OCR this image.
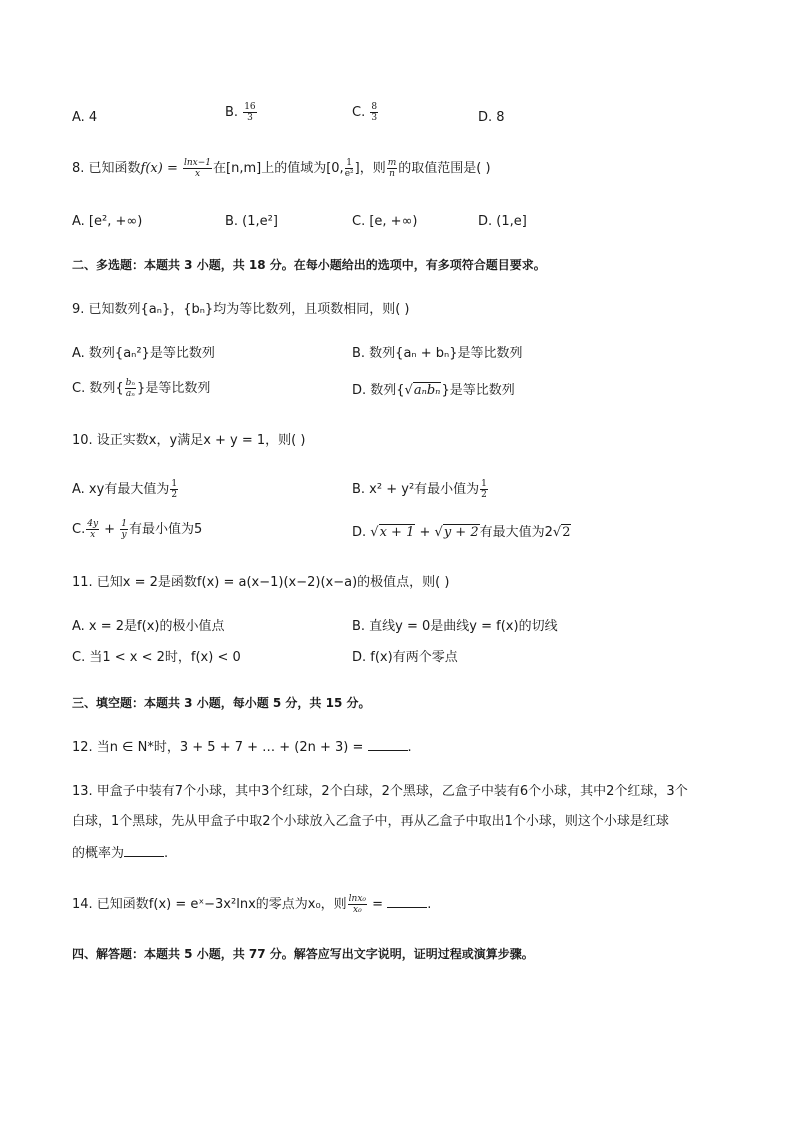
A. 4	B. $\frac{16}{3}$	C. $\frac{8}{3}$	D. 8
8. 已知函数$f(x) = \frac{\ln x-1}{x}$ 在[n,m]上的值域为[0, $\frac{1}{\text{e²}}$ ]，则 $\frac{m}{n}$ 的取值范围是( )
A. [e², +∞)	B. (1,e²]	C. [e, +∞)	D. (1,e]
二、多选题：本题共 3 小题，共 18 分。在每小题给出的选项中，有多项符合题目要求。
9. 已知数列{aₙ}，{bₙ}均为等比数列，且项数相同，则( )
A. 数列{aₙ²}是等比数列	B. 数列{aₙ + bₙ}是等比数列
C. 数列{ $\frac{\text{bₙ}}{\text{aₙ}}$ }是等比数列	D. 数列{√aₙbₙ}是等比数列
10. 设正实数x，y满足x + y = 1，则( )
A. xy有最大值为 $\frac{1}{2}$	B. x² + y²有最小值为 $\frac{1}{2}$
C. $\frac{4y}{x} + \frac{1}{y}$ 有最小值为5	D. √x + 1 + √y + 2有最大值为2√2
11. 已知x = 2是函数f(x) = a(x−1)(x−2)(x−a)的极值点，则( )
A. x = 2是f(x)的极小值点	B. 直线y = 0是曲线y = f(x)的切线
C. 当1 < x < 2时，f(x) < 0	D. f(x)有两个零点
三、填空题：本题共 3 小题，每小题 5 分，共 15 分。
12. 当n ∈ N*时，3 + 5 + 7 + … + (2n + 3) =	.
13. 甲盒子中装有7个小球，其中3个红球，2个白球，2个黑球，乙盒子中装有6个小球，其中2个红球，3个
白球，1个黑球，先从甲盒子中取2个小球放入乙盒子中，再从乙盒子中取出1个小球，则这个小球是红球
的概率为	.
14. 已知函数f(x) = eˣ−3x²lnx的零点为x₀，则 $\frac{\text{lnx₀}}{\text{x₀}}$ =	.
四、解答题：本题共 5 小题，共 77 分。解答应写出文字说明，证明过程或演算步骤。
